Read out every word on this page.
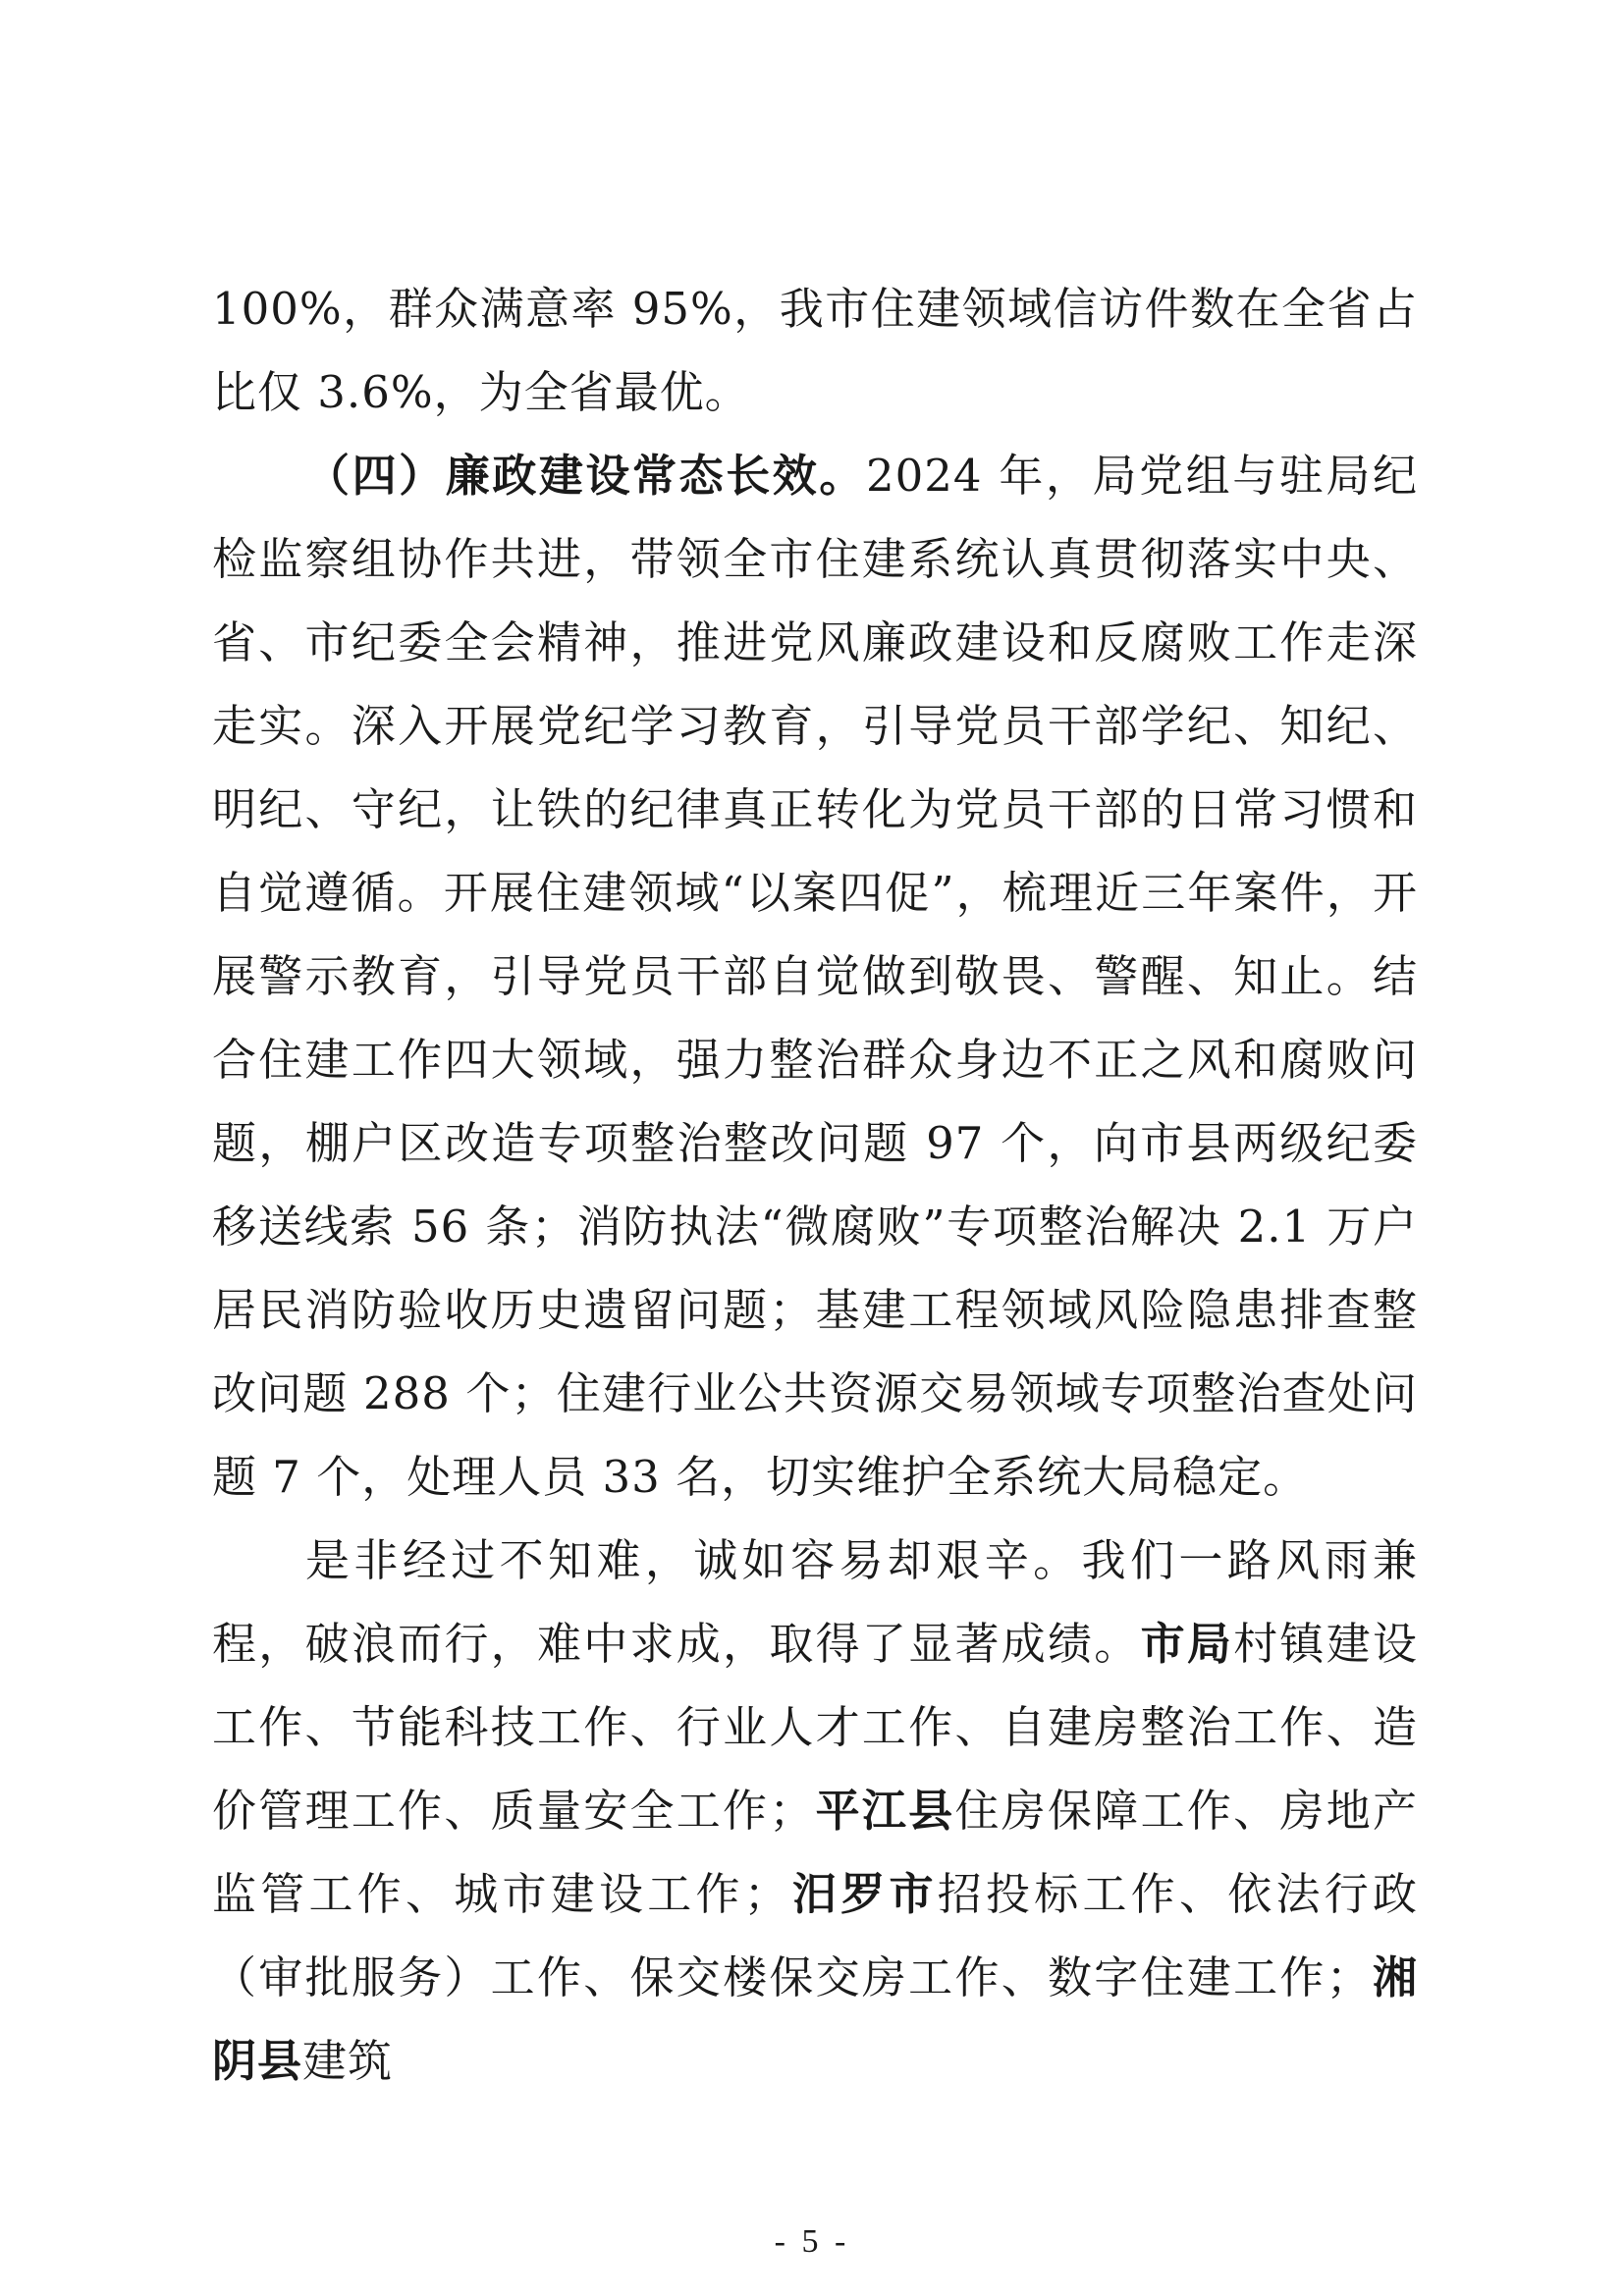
100%，群众满意率 95%，我市住建领域信访件数在全省占比仅 3.6%，为全省最优。

（四）廉政建设常态长效。2024 年，局党组与驻局纪检监察组协作共进，带领全市住建系统认真贯彻落实中央、省、市纪委全会精神，推进党风廉政建设和反腐败工作走深走实。深入开展党纪学习教育，引导党员干部学纪、知纪、明纪、守纪，让铁的纪律真正转化为党员干部的日常习惯和自觉遵循。开展住建领域“以案四促”，梳理近三年案件，开展警示教育，引导党员干部自觉做到敬畏、警醒、知止。结合住建工作四大领域，强力整治群众身边不正之风和腐败问题，棚户区改造专项整治整改问题 97 个，向市县两级纪委移送线索 56 条；消防执法“微腐败”专项整治解决 2.1 万户居民消防验收历史遗留问题；基建工程领域风险隐患排查整改问题 288 个；住建行业公共资源交易领域专项整治查处问题 7 个，处理人员 33 名，切实维护全系统大局稳定。

是非经过不知难，诚如容易却艰辛。我们一路风雨兼程，破浪而行，难中求成，取得了显著成绩。市局村镇建设工作、节能科技工作、行业人才工作、自建房整治工作、造价管理工作、质量安全工作；平江县住房保障工作、房地产监管工作、城市建设工作；汨罗市招投标工作、依法行政（审批服务）工作、保交楼保交房工作、数字住建工作；湘阴县建筑

- 5 -
